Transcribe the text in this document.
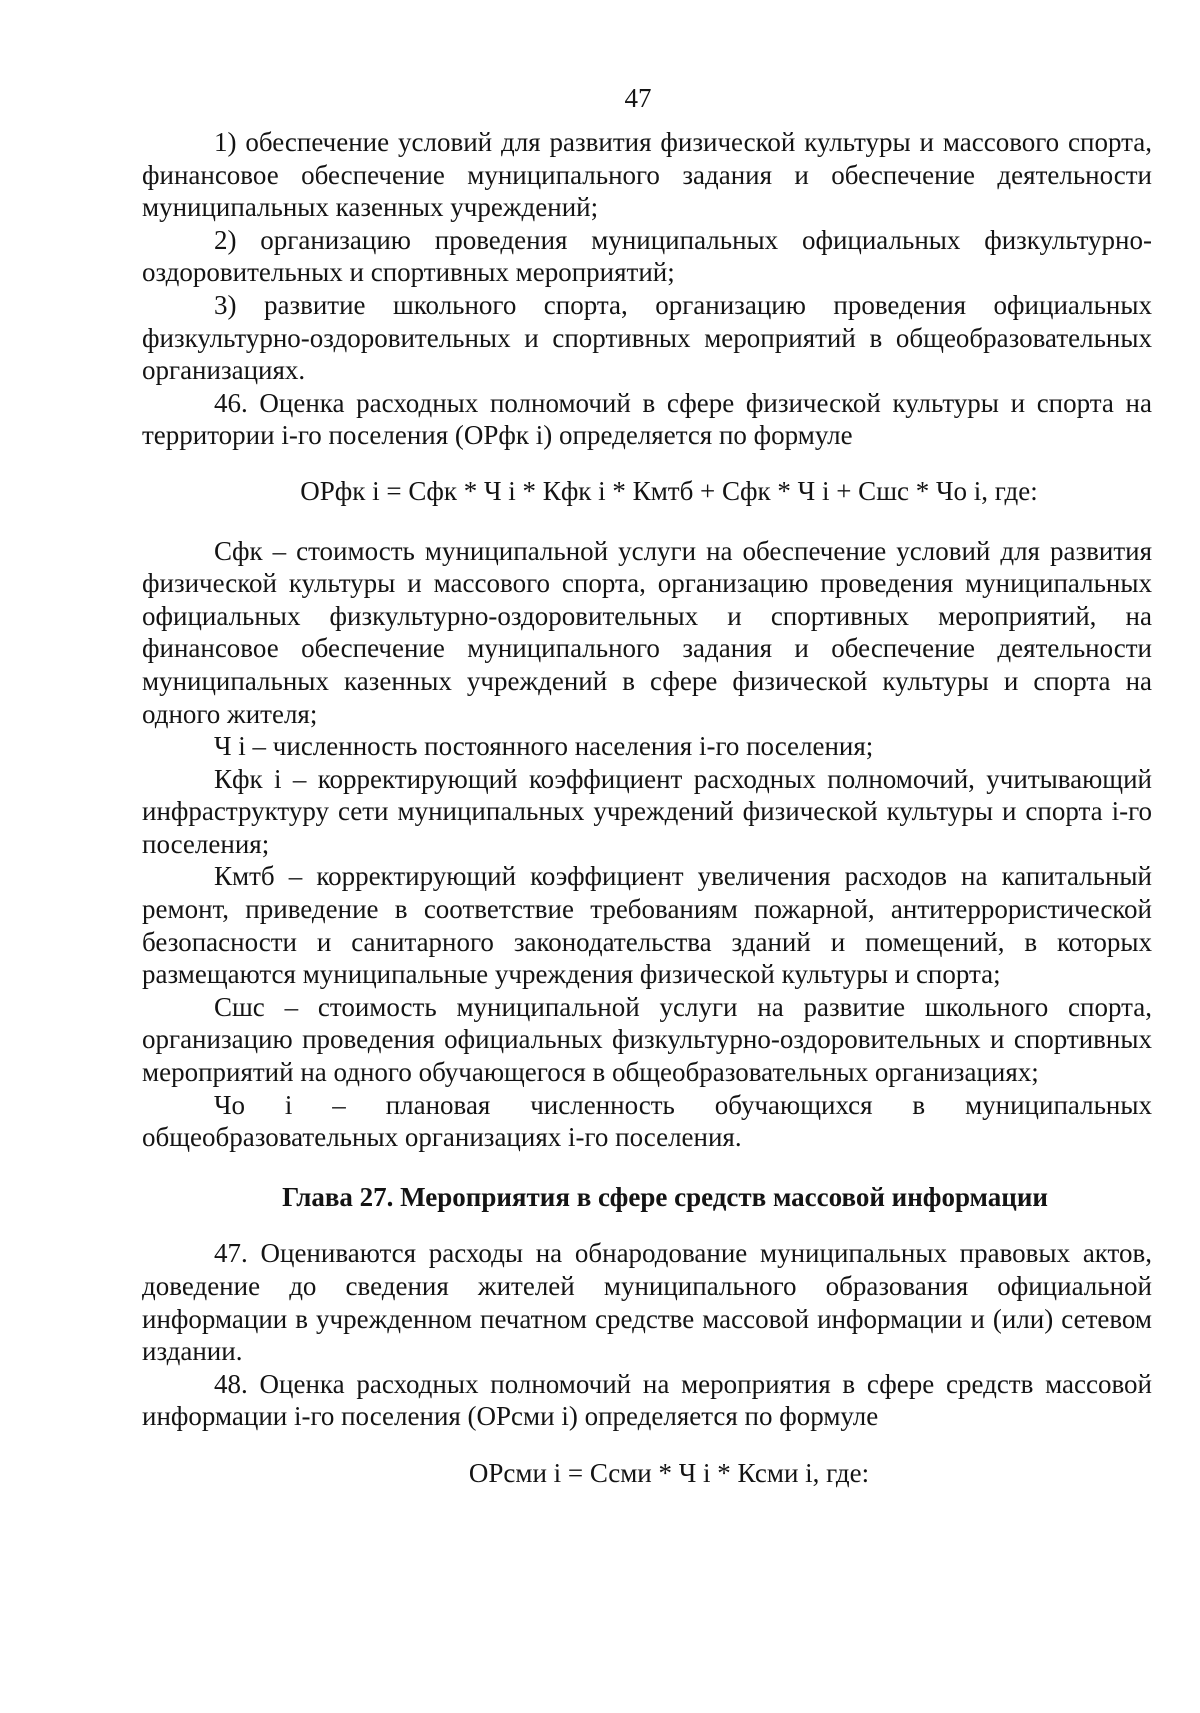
47

1) обеспечение условий для развития физической культуры и массового спорта, финансовое обеспечение муниципального задания и обеспечение деятельности муниципальных казенных учреждений;

2) организацию проведения муниципальных официальных физкультурно-оздоровительных и спортивных мероприятий;

3) развитие школьного спорта, организацию проведения официальных физкультурно-оздоровительных и спортивных мероприятий в общеобразовательных организациях.

46. Оценка расходных полномочий в сфере физической культуры и спорта на территории i-го поселения (ОРфк i) определяется по формуле

ОРфк i = Сфк * Ч i * Кфк i * Кмтб + Сфк * Ч i + Сшс * Чо i, где:

Сфк – стоимость муниципальной услуги на обеспечение условий для развития физической культуры и массового спорта, организацию проведения муниципальных официальных физкультурно-оздоровительных и спортивных мероприятий, на финансовое обеспечение муниципального задания и обеспечение деятельности муниципальных казенных учреждений в сфере физической культуры и спорта на одного жителя;

Ч i – численность постоянного населения i-го поселения;

Кфк i – корректирующий коэффициент расходных полномочий, учитывающий инфраструктуру сети муниципальных учреждений физической культуры и спорта i-го поселения;

Кмтб – корректирующий коэффициент увеличения расходов на капитальный ремонт, приведение в соответствие требованиям пожарной, антитеррористической безопасности и санитарного законодательства зданий и помещений, в которых размещаются муниципальные учреждения физической культуры и спорта;

Сшс – стоимость муниципальной услуги на развитие школьного спорта, организацию проведения официальных физкультурно-оздоровительных и спортивных мероприятий на одного обучающегося в общеобразовательных организациях;

Чо i – плановая численность обучающихся в муниципальных общеобразовательных организациях i-го поселения.

Глава 27. Мероприятия в сфере средств массовой информации

47. Оцениваются расходы на обнародование муниципальных правовых актов, доведение до сведения жителей муниципального образования официальной информации в учрежденном печатном средстве массовой информации и (или) сетевом издании.

48. Оценка расходных полномочий на мероприятия в сфере средств массовой информации i-го поселения (ОРсми i) определяется по формуле

ОРсми i = Ссми * Ч i * Ксми i, где:
